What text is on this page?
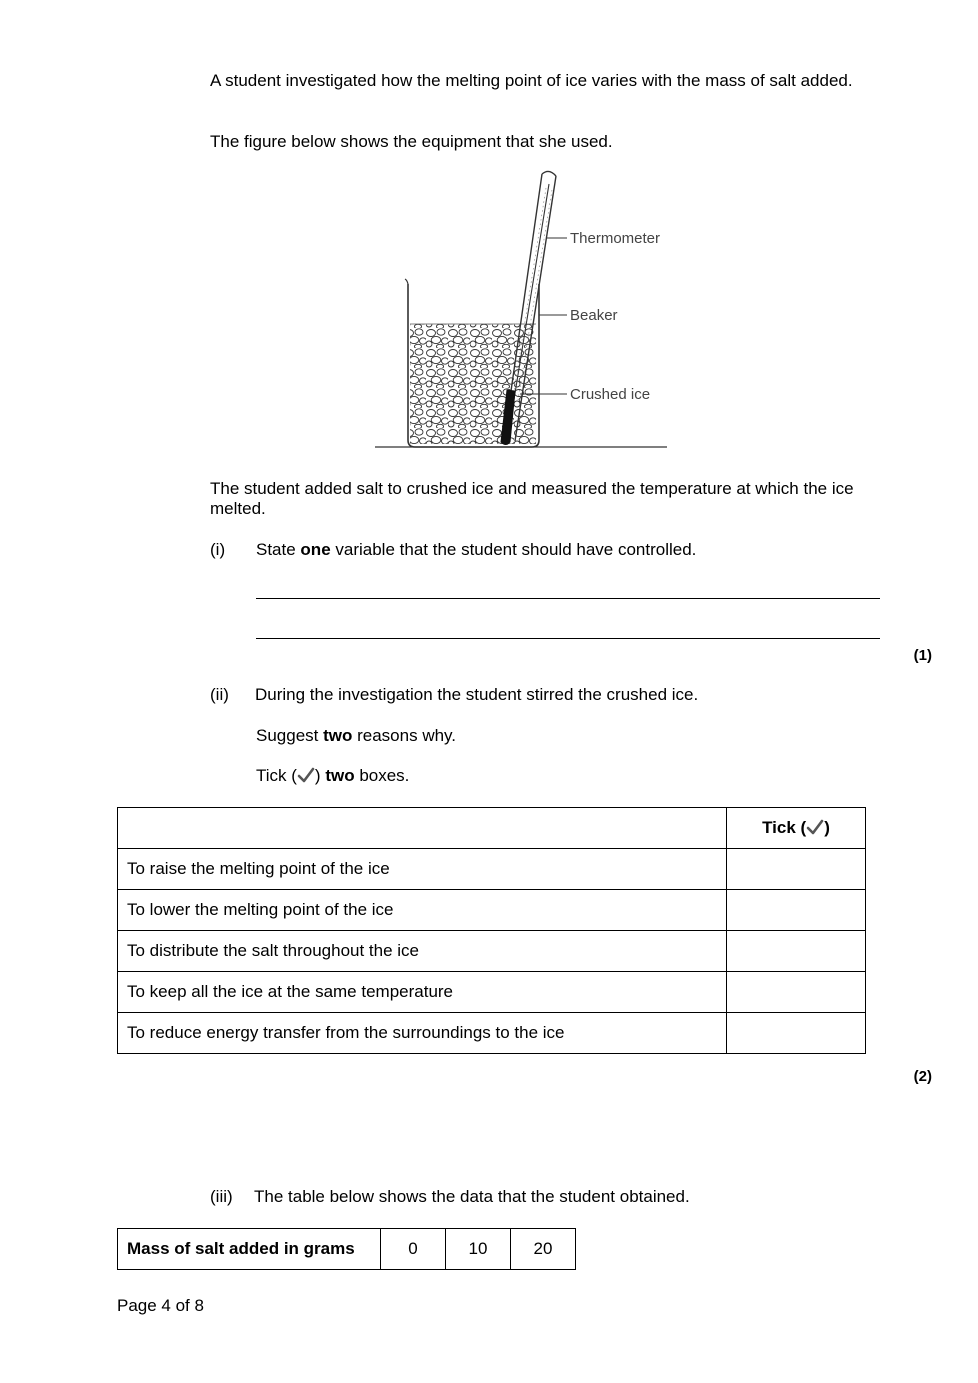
A student investigated how the melting point of ice varies with the mass of salt added.

The figure below shows the equipment that she used.

Thermometer
Beaker
Crushed ice

The student added salt to crushed ice and measured the temperature at which the ice melted.

(i) State one variable that the student should have controlled.
(1)
(ii) During the investigation the student stirred the crushed ice.
Suggest two reasons why.
Tick ( ) two boxes.
	Tick ( )
To raise the melting point of the ice	
To lower the melting point of the ice	
To distribute the salt throughout the ice	
To keep all the ice at the same temperature	
To reduce energy transfer from the surroundings to the ice	
(2)
(iii) The table below shows the data that the student obtained.
Mass of salt added in grams	0	10	20
Page 4 of 8
